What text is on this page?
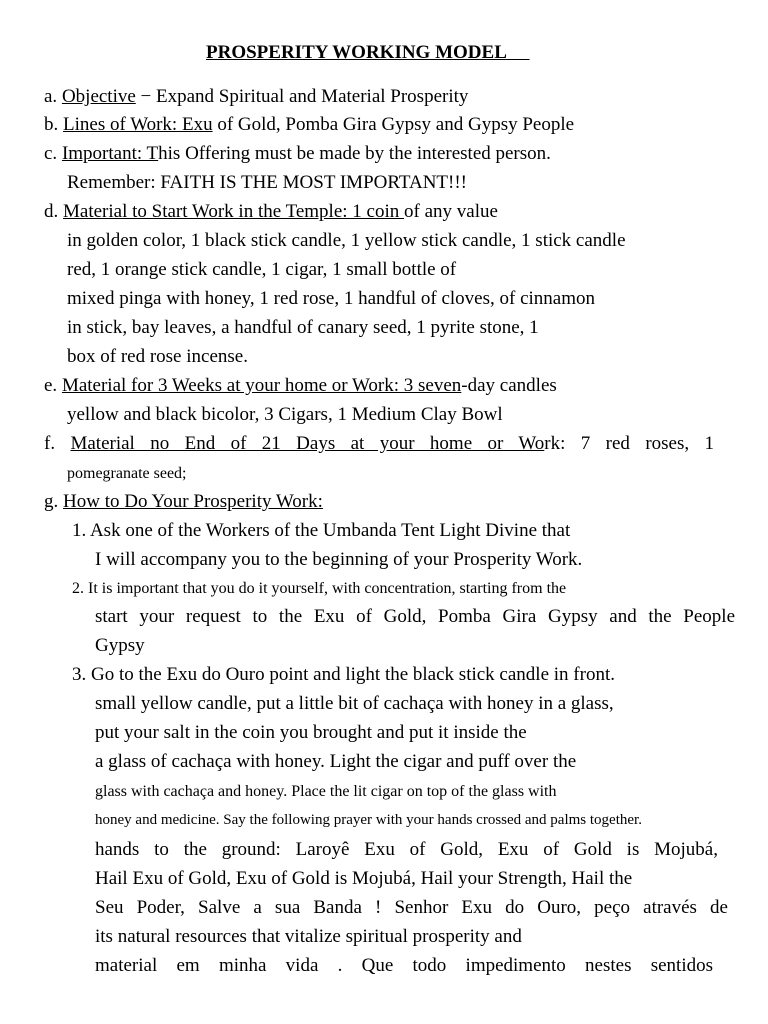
PROSPERITY WORKING MODEL
a. Objective − Expand Spiritual and Material Prosperity
b. Lines of Work: Exu of Gold, Pomba Gira Gypsy and Gypsy People
c. Important: This Offering must be made by the interested person.
Remember: FAITH IS THE MOST IMPORTANT!!!
d. Material to Start Work in the Temple: 1 coin of any value
in golden color, 1 black stick candle, 1 yellow stick candle, 1 stick candle
red, 1 orange stick candle, 1 cigar, 1 small bottle of
mixed pinga with honey, 1 red rose, 1 handful of cloves, of cinnamon
in stick, bay leaves, a handful of canary seed, 1 pyrite stone, 1
box of red rose incense.
e. Material for 3 Weeks at your home or Work: 3 seven-day candles
yellow and black bicolor, 3 Cigars, 1 Medium Clay Bowl
f. Material no End of 21 Days at your home or Work: 7 red roses, 1
pomegranate seed;
g. How to Do Your Prosperity Work:
1. Ask one of the Workers of the Umbanda Tent Light Divine that
I will accompany you to the beginning of your Prosperity Work.
2. It is important that you do it yourself, with concentration, starting from the
start your request to the Exu of Gold, Pomba Gira Gypsy and the People
Gypsy
3. Go to the Exu do Ouro point and light the black stick candle in front.
small yellow candle, put a little bit of cachaça with honey in a glass,
put your salt in the coin you brought and put it inside the
a glass of cachaça with honey. Light the cigar and puff over the
glass with cachaça and honey. Place the lit cigar on top of the glass with
honey and medicine. Say the following prayer with your hands crossed and palms together.
hands to the ground: Laroyê Exu of Gold, Exu of Gold is Mojubá,
Hail Exu of Gold, Exu of Gold is Mojubá, Hail your Strength, Hail the
Seu Poder, Salve a sua Banda ! Senhor Exu do Ouro, peço através de
its natural resources that vitalize spiritual prosperity and
material em minha vida . Que todo impedimento nestes sentidos
